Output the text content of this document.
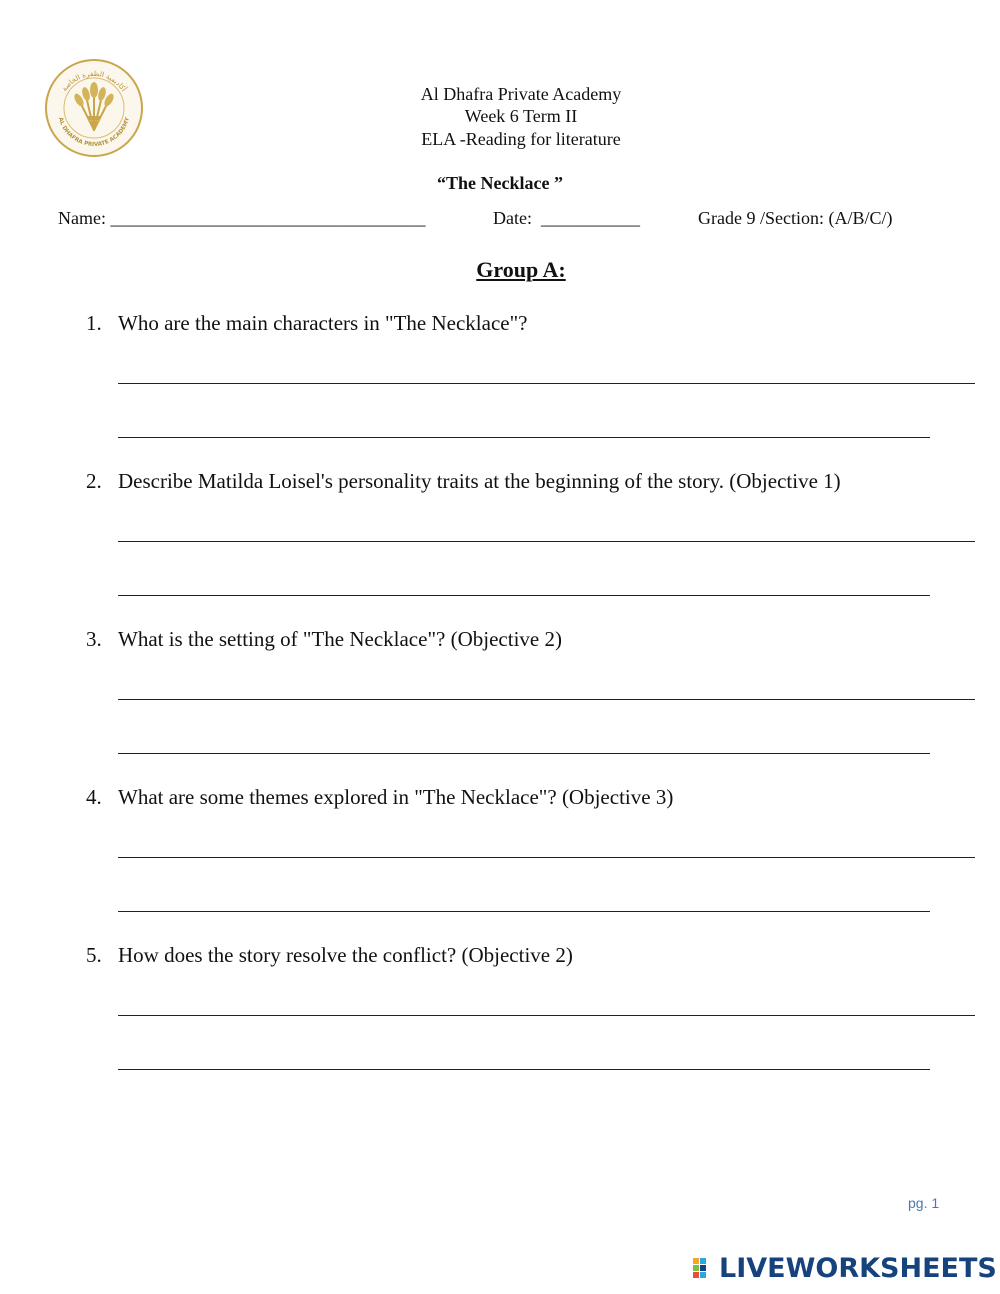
أكاديمية الظفرة الخاصة
AL DHAFRA PRIVATE ACADEMY
Al Dhafra Private Academy
Week 6 Term II
ELA -Reading for literature
“The Necklace ”
Name: ___________________________________	Date: ___________	Grade 9 /Section: (A/B/C/)
Group A:
1. Who are the main characters in "The Necklace"?
2. Describe Matilda Loisel's personality traits at the beginning of the story. (Objective 1)
3. What is the setting of "The Necklace"? (Objective 2)
4. What are some themes explored in "The Necklace"? (Objective 3)
5. How does the story resolve the conflict? (Objective 2)
pg. 1
LIVEWORKSHEETS
